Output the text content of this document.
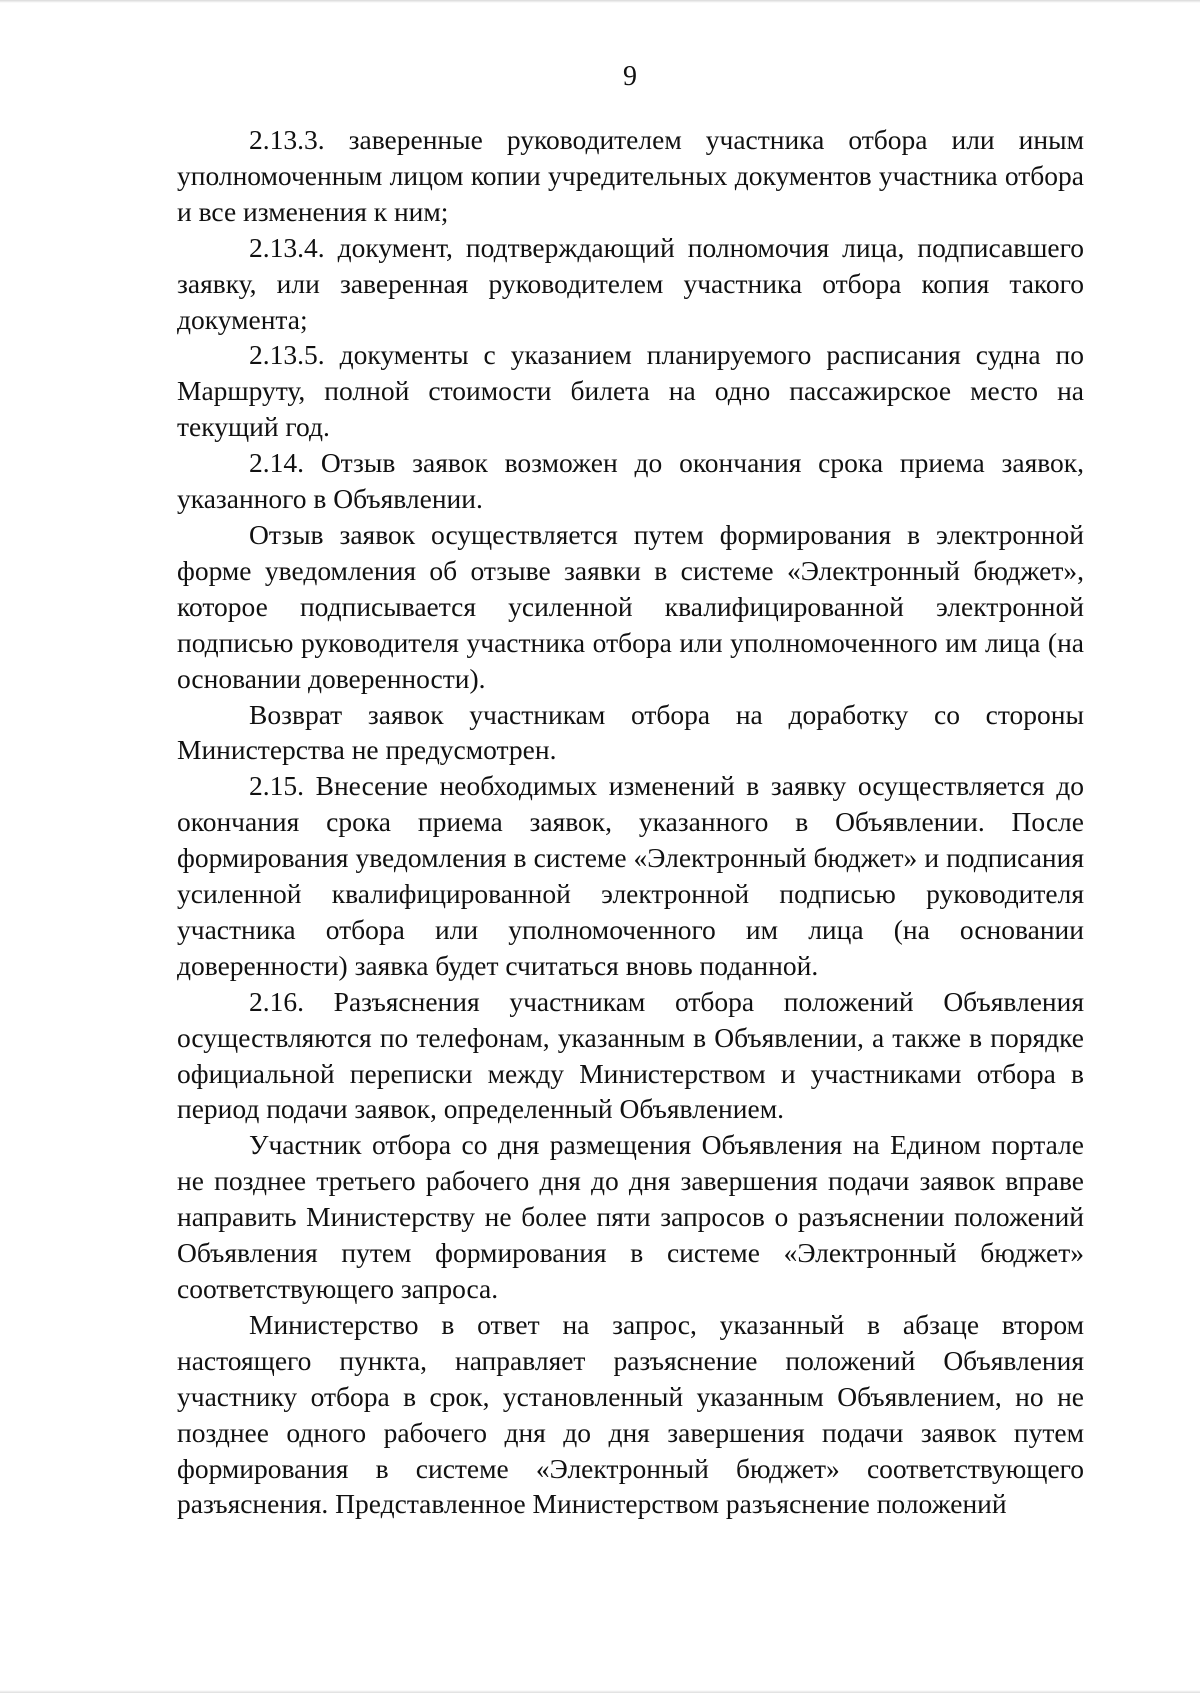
9

2.13.3. заверенные руководителем участника отбора или иным уполномоченным лицом копии учредительных документов участника отбора и все изменения к ним;

2.13.4. документ, подтверждающий полномочия лица, подписавшего заявку, или заверенная руководителем участника отбора копия такого документа;

2.13.5. документы с указанием планируемого расписания судна по Маршруту, полной стоимости билета на одно пассажирское место на текущий год.

2.14. Отзыв заявок возможен до окончания срока приема заявок, указанного в Объявлении.

Отзыв заявок осуществляется путем формирования в электронной форме уведомления об отзыве заявки в системе «Электронный бюджет», которое подписывается усиленной квалифицированной электронной подписью руководителя участника отбора или уполномоченного им лица (на основании доверенности).

Возврат заявок участникам отбора на доработку со стороны Министерства не предусмотрен.

2.15. Внесение необходимых изменений в заявку осуществляется до окончания срока приема заявок, указанного в Объявлении. После формирования уведомления в системе «Электронный бюджет» и подписания усиленной квалифицированной электронной подписью руководителя участника отбора или уполномоченного им лица (на основании доверенности) заявка будет считаться вновь поданной.

2.16. Разъяснения участникам отбора положений Объявления осуществляются по телефонам, указанным в Объявлении, а также в порядке официальной переписки между Министерством и участниками отбора в период подачи заявок, определенный Объявлением.

Участник отбора со дня размещения Объявления на Едином портале не позднее третьего рабочего дня до дня завершения подачи заявок вправе направить Министерству не более пяти запросов о разъяснении положений Объявления путем формирования в системе «Электронный бюджет» соответствующего запроса.

Министерство в ответ на запрос, указанный в абзаце втором настоящего пункта, направляет разъяснение положений Объявления участнику отбора в срок, установленный указанным Объявлением, но не позднее одного рабочего дня до дня завершения подачи заявок путем формирования в системе «Электронный бюджет» соответствующего разъяснения. Представленное Министерством разъяснение положений
